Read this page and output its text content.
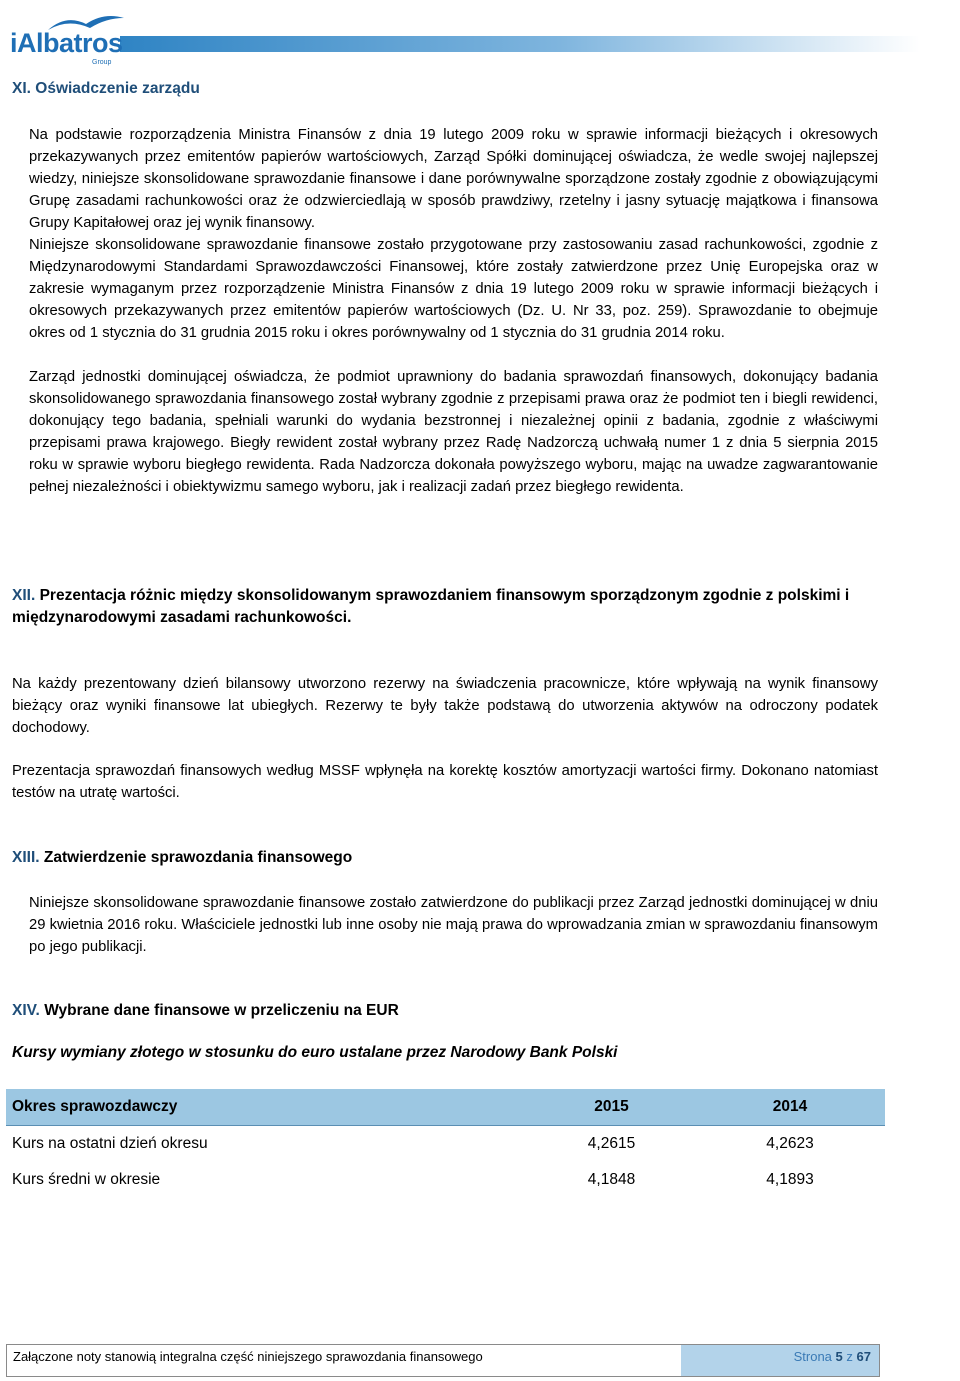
iAlbatros
Group
XI. Oświadczenie zarządu

Na podstawie rozporządzenia Ministra Finansów z dnia 19 lutego 2009 roku w sprawie informacji bieżących i okresowych przekazywanych przez emitentów papierów wartościowych, Zarząd Spółki dominującej oświadcza, że wedle swojej najlepszej wiedzy, niniejsze skonsolidowane sprawozdanie finansowe i dane porównywalne sporządzone zostały zgodnie z obowiązującymi Grupę zasadami rachunkowości oraz że odzwierciedlają w sposób prawdziwy, rzetelny i jasny sytuację majątkowa i finansowa Grupy Kapitałowej oraz jej wynik finansowy.

Niniejsze skonsolidowane sprawozdanie finansowe zostało przygotowane przy zastosowaniu zasad rachunkowości, zgodnie z Międzynarodowymi Standardami Sprawozdawczości Finansowej, które zostały zatwierdzone przez Unię Europejska oraz w zakresie wymaganym przez rozporządzenie Ministra Finansów z dnia 19 lutego 2009 roku w sprawie informacji bieżących i okresowych przekazywanych przez emitentów papierów wartościowych (Dz. U. Nr 33, poz. 259). Sprawozdanie to obejmuje okres od 1 stycznia do 31 grudnia 2015 roku i okres porównywalny od 1 stycznia do 31 grudnia 2014 roku.

Zarząd jednostki dominującej oświadcza, że podmiot uprawniony do badania sprawozdań finansowych, dokonujący badania skonsolidowanego sprawozdania finansowego został wybrany zgodnie z przepisami prawa oraz że podmiot ten i biegli rewidenci, dokonujący tego badania, spełniali warunki do wydania bezstronnej i niezależnej opinii z badania, zgodnie z właściwymi przepisami prawa krajowego. Biegły rewident został wybrany przez Radę Nadzorczą uchwałą numer 1 z dnia 5 sierpnia 2015 roku w sprawie wyboru biegłego rewidenta. Rada Nadzorcza dokonała powyższego wyboru, mając na uwadze zagwarantowanie pełnej niezależności i obiektywizmu samego wyboru, jak i realizacji zadań przez biegłego rewidenta.

XII. Prezentacja różnic między skonsolidowanym sprawozdaniem finansowym sporządzonym zgodnie z polskimi i międzynarodowymi zasadami rachunkowości.

Na każdy prezentowany dzień bilansowy utworzono rezerwy na świadczenia pracownicze, które wpływają na wynik finansowy bieżący oraz wyniki finansowe lat ubiegłych. Rezerwy te były także podstawą do utworzenia aktywów na odroczony podatek dochodowy.

Prezentacja sprawozdań finansowych według MSSF wpłynęła na korektę kosztów amortyzacji wartości firmy. Dokonano natomiast testów na utratę wartości.

XIII. Zatwierdzenie sprawozdania finansowego

Niniejsze skonsolidowane sprawozdanie finansowe zostało zatwierdzone do publikacji przez Zarząd jednostki dominującej w dniu 29 kwietnia 2016 roku. Właściciele jednostki lub inne osoby nie mają prawa do wprowadzania zmian w sprawozdaniu finansowym po jego publikacji.

XIV. Wybrane dane finansowe w przeliczeniu na EUR
Kursy wymiany złotego w stosunku do euro ustalane przez Narodowy Bank Polski
Okres sprawozdawczy	2015	2014
Kurs na ostatni dzień okresu	4,2615	4,2623
Kurs średni w okresie	4,1848	4,1893
Załączone noty stanowią integralna część niniejszego sprawozdania finansowego	Strona 5 z 67
